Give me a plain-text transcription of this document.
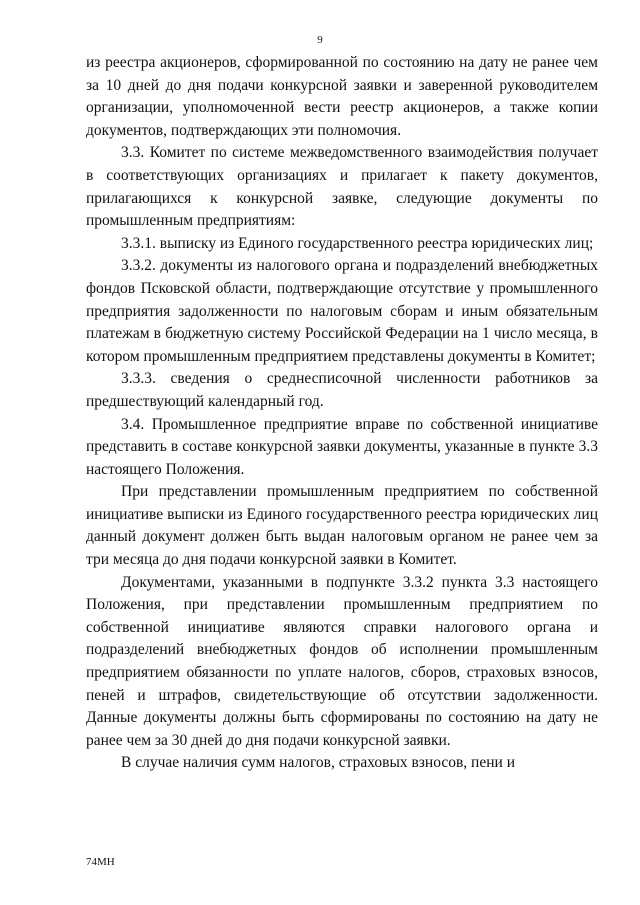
9

из реестра акционеров, сформированной по состоянию на дату не ранее чем за 10 дней до дня подачи конкурсной заявки и заверенной руководителем организации, уполномоченной вести реестр акционеров, а также копии документов, подтверждающих эти полномочия.

3.3. Комитет по системе межведомственного взаимодействия получает в соответствующих организациях и прилагает к пакету документов, прилагающихся к конкурсной заявке, следующие документы по промышленным предприятиям:

3.3.1. выписку из Единого государственного реестра юридических лиц;

3.3.2. документы из налогового органа и подразделений внебюджетных фондов Псковской области, подтверждающие отсутствие у промышленного предприятия задолженности по налоговым сборам и иным обязательным платежам в бюджетную систему Российской Федерации на 1 число месяца, в котором промышленным предприятием представлены документы в Комитет;

3.3.3. сведения о среднесписочной численности работников за предшествующий календарный год.

3.4. Промышленное предприятие вправе по собственной инициативе представить в составе конкурсной заявки документы, указанные в пункте 3.3 настоящего Положения.

При представлении промышленным предприятием по собственной инициативе выписки из Единого государственного реестра юридических лиц данный документ должен быть выдан налоговым органом не ранее чем за три месяца до дня подачи конкурсной заявки в Комитет.

Документами, указанными в подпункте 3.3.2 пункта 3.3 настоящего Положения, при представлении промышленным предприятием по собственной инициативе являются справки налогового органа и подразделений внебюджетных фондов об исполнении промышленным предприятием обязанности по уплате налогов, сборов, страховых взносов, пеней и штрафов, свидетельствующие об отсутствии задолженности. Данные документы должны быть сформированы по состоянию на дату не ранее чем за 30 дней до дня подачи конкурсной заявки.

В случае наличия сумм налогов, страховых взносов, пени и

74МН
